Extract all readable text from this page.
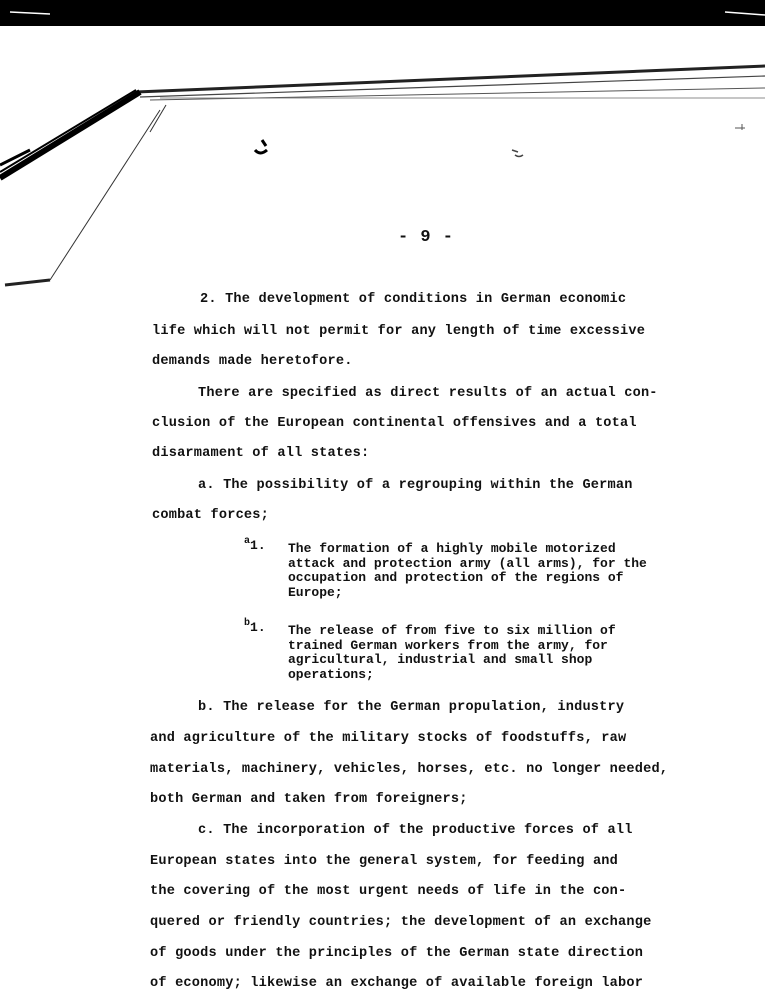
- 9 -
2. The development of conditions in German economic
life which will not permit for any length of time excessive
demands made heretofore.
There are specified as direct results of an actual con-
clusion of the European continental offensives and a total
disarmament of all states:
a. The possibility of a regrouping within the German
combat forces;
$^a$1. The formation of a highly mobile motorized
attack and protection army (all arms), for the
occupation and protection of the regions of
Europe;
$^b$1. The release of from five to six million of
trained German workers from the army, for
agricultural, industrial and small shop
operations;
b. The release for the German propulation, industry
and agriculture of the military stocks of foodstuffs, raw
materials, machinery, vehicles, horses, etc. no longer needed,
both German and taken from foreigners;
c. The incorporation of the productive forces of all
European states into the general system, for feeding and
the covering of the most urgent needs of life in the con-
quered or friendly countries; the development of an exchange
of goods under the principles of the German state direction
of economy; likewise an exchange of available foreign labor
